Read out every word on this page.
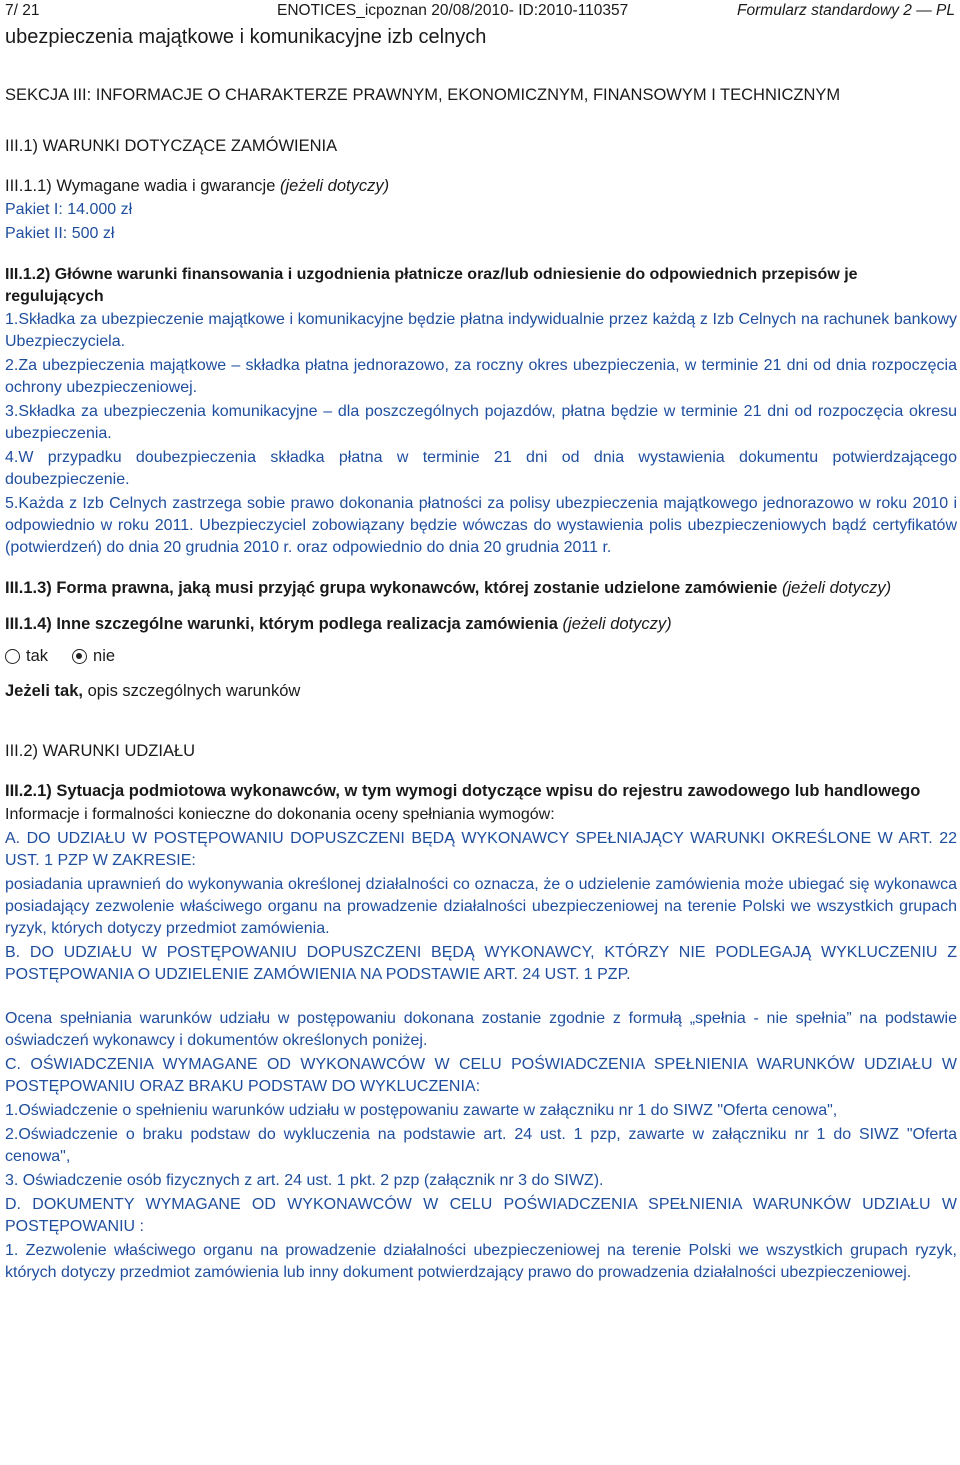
7/ 21	ENOTICES_icpoznan 20/08/2010- ID:2010-110357	Formularz standardowy 2 — PL
ubezpieczenia majątkowe i komunikacyjne izb celnych
SEKCJA III: INFORMACJE O CHARAKTERZE PRAWNYM, EKONOMICZNYM, FINANSOWYM I TECHNICZNYM
III.1) WARUNKI DOTYCZĄCE ZAMÓWIENIA
III.1.1) Wymagane wadia i gwarancje (jeżeli dotyczy)
Pakiet I: 14.000 zł
Pakiet II: 500 zł
III.1.2) Główne warunki finansowania i uzgodnienia płatnicze oraz/lub odniesienie do odpowiednich przepisów je regulujących

1.Składka za ubezpieczenie majątkowe i komunikacyjne będzie płatna indywidualnie przez każdą z Izb Celnych na rachunek bankowy Ubezpieczyciela.

2.Za ubezpieczenia majątkowe – składka płatna jednorazowo, za roczny okres ubezpieczenia, w terminie 21 dni od dnia rozpoczęcia ochrony ubezpieczeniowej.

3.Składka za ubezpieczenia komunikacyjne – dla poszczególnych pojazdów, płatna będzie w terminie 21 dni od rozpoczęcia okresu ubezpieczenia.

4.W przypadku doubezpieczenia składka płatna w terminie 21 dni od dnia wystawienia dokumentu potwierdzającego doubezpieczenie.

5.Każda z Izb Celnych zastrzega sobie prawo dokonania płatności za polisy ubezpieczenia majątkowego jednorazowo w roku 2010 i odpowiednio w roku 2011. Ubezpieczyciel zobowiązany będzie wówczas do wystawienia polis ubezpieczeniowych bądź certyfikatów (potwierdzeń) do dnia 20 grudnia 2010 r. oraz odpowiednio do dnia 20 grudnia 2011 r.

III.1.3) Forma prawna, jaką musi przyjąć grupa wykonawców, której zostanie udzielone zamówienie (jeżeli dotyczy)
III.1.4) Inne szczególne warunki, którym podlega realizacja zamówienia (jeżeli dotyczy)
tak	nie
Jeżeli tak, opis szczególnych warunków
III.2) WARUNKI UDZIAŁU
III.2.1) Sytuacja podmiotowa wykonawców, w tym wymogi dotyczące wpisu do rejestru zawodowego lub handlowego
Informacje i formalności konieczne do dokonania oceny spełniania wymogów:

A. DO UDZIAŁU W POSTĘPOWANIU DOPUSZCZENI BĘDĄ WYKONAWCY SPEŁNIAJĄCY WARUNKI OKREŚLONE W ART. 22 UST. 1 PZP W ZAKRESIE:

posiadania uprawnień do wykonywania określonej działalności co oznacza, że o udzielenie zamówienia może ubiegać się wykonawca posiadający zezwolenie właściwego organu na prowadzenie działalności ubezpieczeniowej na terenie Polski we wszystkich grupach ryzyk, których dotyczy przedmiot zamówienia.

B. DO UDZIAŁU W POSTĘPOWANIU DOPUSZCZENI BĘDĄ WYKONAWCY, KTÓRZY NIE PODLEGAJĄ WYKLUCZENIU Z POSTĘPOWANIA O UDZIELENIE ZAMÓWIENIA NA PODSTAWIE ART. 24 UST. 1 PZP.

Ocena spełniania warunków udziału w postępowaniu dokonana zostanie zgodnie z formułą „spełnia - nie spełnia” na podstawie oświadczeń wykonawcy i dokumentów określonych poniżej.

C. OŚWIADCZENIA WYMAGANE OD WYKONAWCÓW W CELU POŚWIADCZENIA SPEŁNIENIA WARUNKÓW UDZIAŁU W POSTĘPOWANIU ORAZ BRAKU PODSTAW DO WYKLUCZENIA:

1.Oświadczenie o spełnieniu warunków udziału w postępowaniu zawarte w załączniku nr 1 do SIWZ "Oferta cenowa",

2.Oświadczenie o braku podstaw do wykluczenia na podstawie art. 24 ust. 1 pzp, zawarte w załączniku nr 1 do SIWZ "Oferta cenowa",

3. Oświadczenie osób fizycznych z art. 24 ust. 1 pkt. 2 pzp (załącznik nr 3 do SIWZ).

D. DOKUMENTY WYMAGANE OD WYKONAWCÓW W CELU POŚWIADCZENIA SPEŁNIENIA WARUNKÓW UDZIAŁU W POSTĘPOWANIU :

1. Zezwolenie właściwego organu na prowadzenie działalności ubezpieczeniowej na terenie Polski we wszystkich grupach ryzyk, których dotyczy przedmiot zamówienia lub inny dokument potwierdzający prawo do prowadzenia działalności ubezpieczeniowej.
